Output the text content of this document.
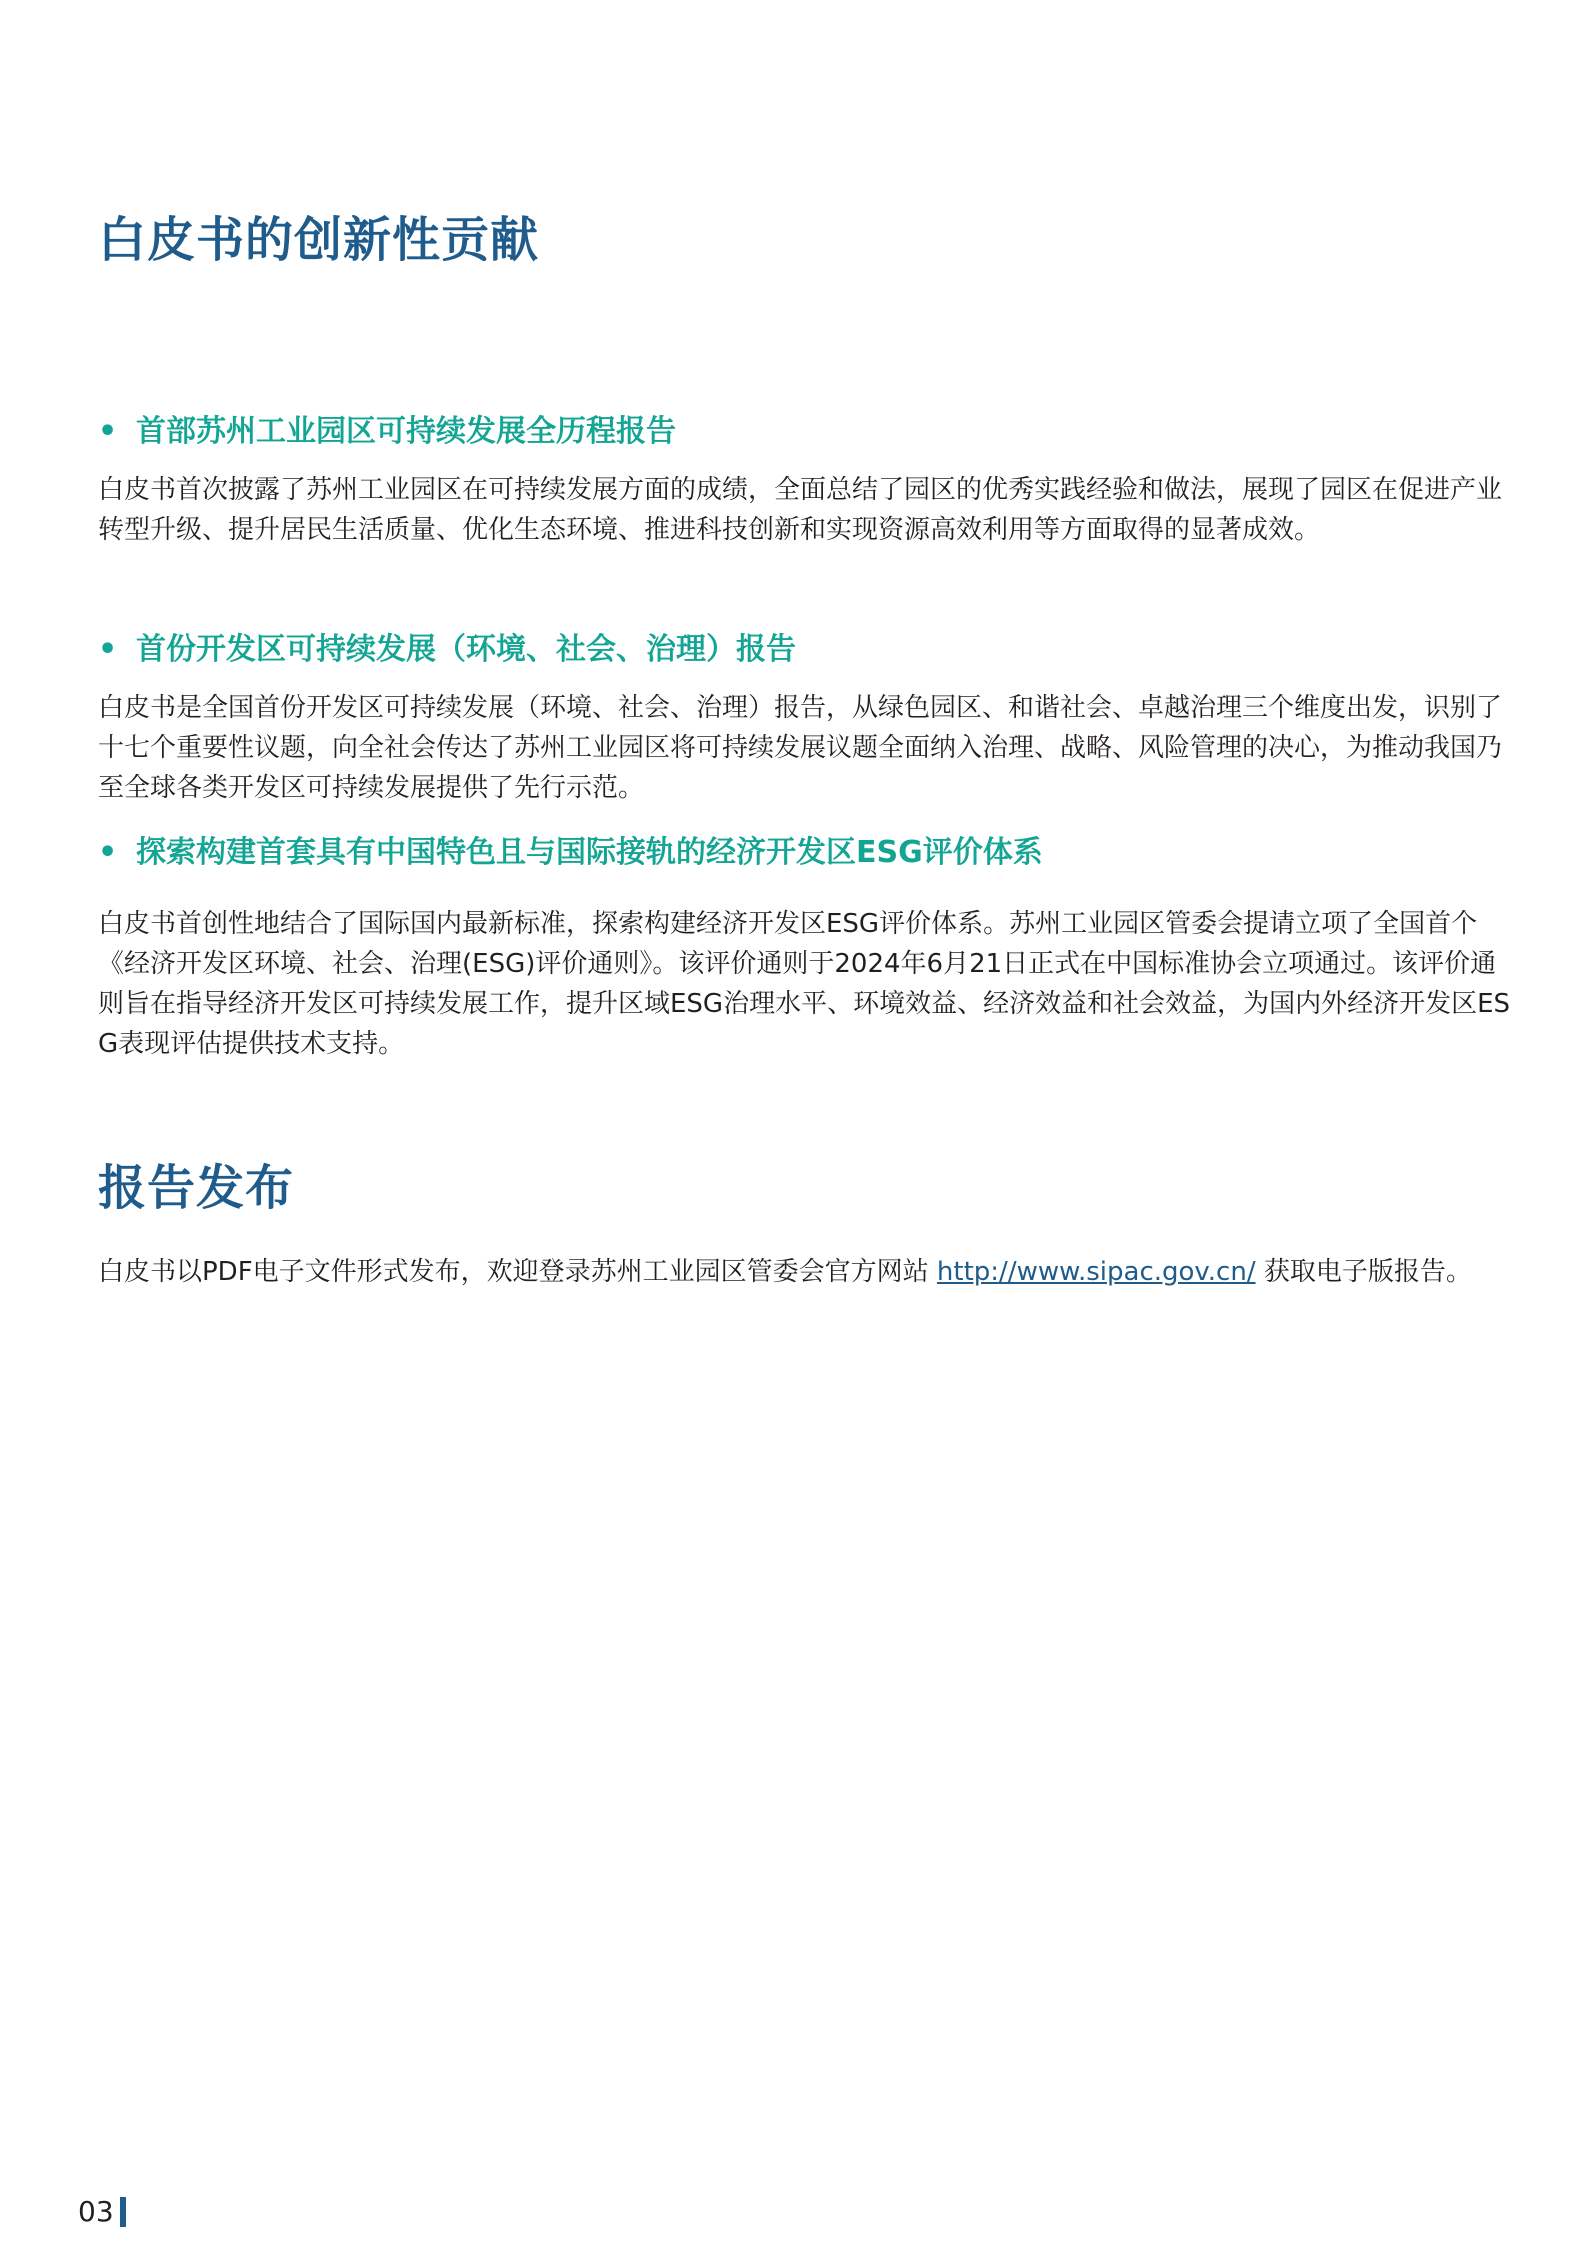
白皮书的创新性贡献
• 首部苏州工业园区可持续发展全历程报告

白皮书首次披露了苏州工业园区在可持续发展方面的成绩，全面总结了园区的优秀实践经验和做法，展现了园区在促进产业转型升级、提升居民生活质量、优化生态环境、推进科技创新和实现资源高效利用等方面取得的显著成效。

• 首份开发区可持续发展（环境、社会、治理）报告

白皮书是全国首份开发区可持续发展（环境、社会、治理）报告，从绿色园区、和谐社会、卓越治理三个维度出发，识别了十七个重要性议题，向全社会传达了苏州工业园区将可持续发展议题全面纳入治理、战略、风险管理的决心，为推动我国乃至全球各类开发区可持续发展提供了先行示范。

• 探索构建首套具有中国特色且与国际接轨的经济开发区ESG评价体系

白皮书首创性地结合了国际国内最新标准，探索构建经济开发区ESG评价体系。苏州工业园区管委会提请立项了全国首个《经济开发区环境、社会、治理(ESG)评价通则》。该评价通则于2024年6月21日正式在中国标准协会立项通过。该评价通则旨在指导经济开发区可持续发展工作，提升区域ESG治理水平、环境效益、经济效益和社会效益，为国内外经济开发区ESG表现评估提供技术支持。

报告发布

白皮书以PDF电子文件形式发布，欢迎登录苏州工业园区管委会官方网站 http://www.sipac.gov.cn/ 获取电子版报告。

03
